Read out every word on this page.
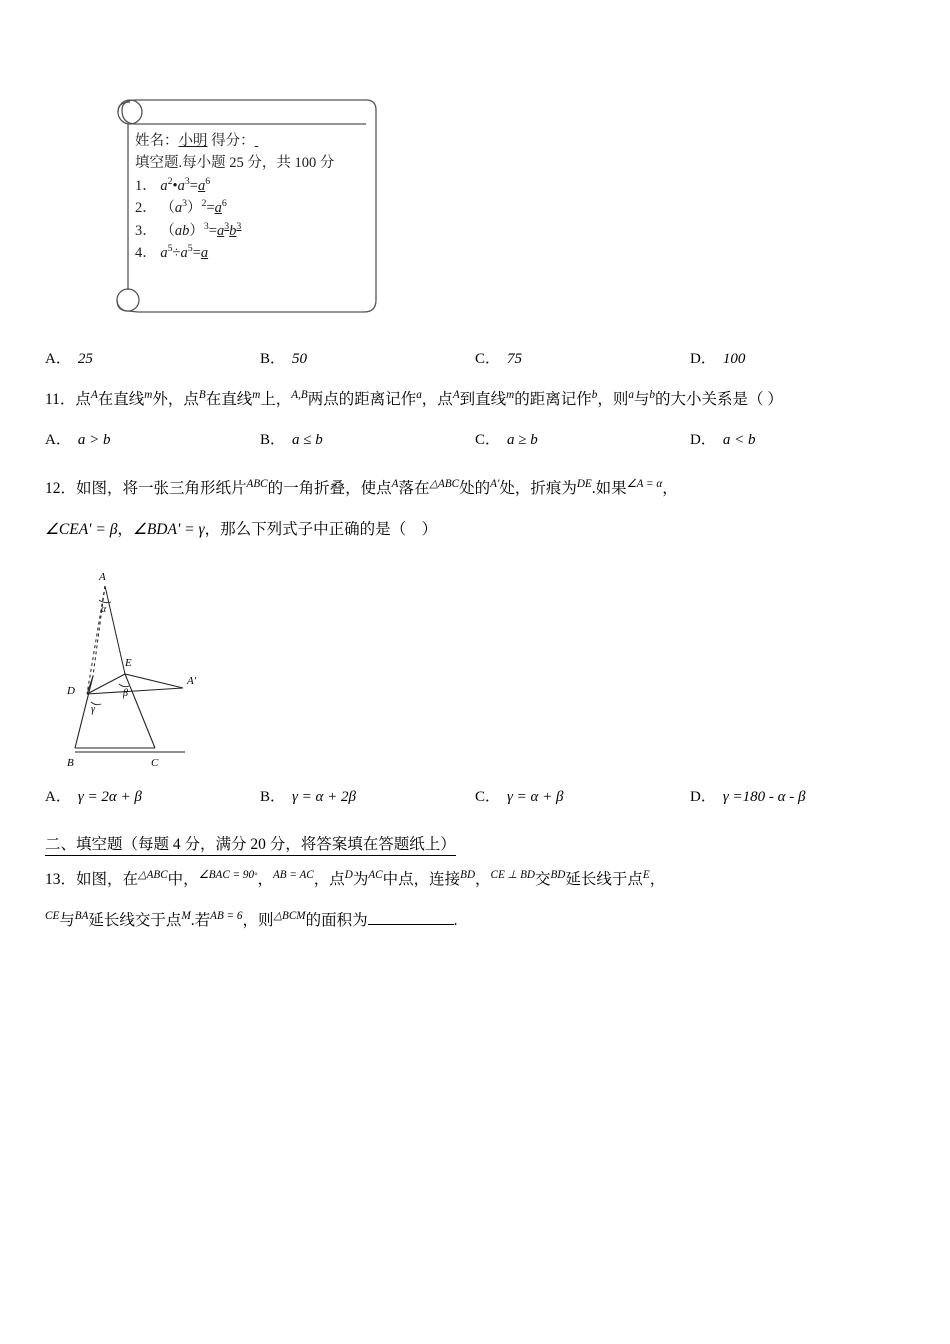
姓名：小明 得分：
填空题.每小题 25 分，共 100 分
1． $a^2•a^3=a^6$
2． $(a^3)^2=a^6$
3． $(ab)^3=a^3b^3$
4． $a^5\div a^5=a$
A． 25	B． 50	C． 75	D． 100
11．点$^A$在直线$^m$外，点$^B$在直线$^m$上，$^{A,B}$两点的距离记作$^a$，点$^A$到直线$^m$的距离记作$^b$，则$^a$与$^b$的大小关系是（ ）
A． a > b	B． a ≤ b	C． a ≥ b	D． a < b
12．如图，将一张三角形纸片$^{ABC}$的一角折叠，使点$^A$落在$^{\triangle ABC}$处的$^{A'}$处，折痕为$^{DE}$.如果$^{\angle A = \alpha}$，
∠CEA' = β，∠BDA' = γ，那么下列式子中正确的是（　）
A
α
E
β
D
γ
A'
B	C
A． γ = 2α + β	B． γ = α + 2β	C． γ = α + β	D． γ =180 - α - β
二、填空题（每题 4 分，满分 20 分，将答案填在答题纸上）
13．如图，在$^{\triangle ABC}$中，$^{\angle BAC = 90^\circ}$，$^{AB = AC}$，点$^D$为$^{AC}$中点，连接$^{BD}$，$^{CE \perp BD}$交$^{BD}$延长线于点$^E$，
$^{CE}$与$^{BA}$延长线交于点$^M$.若$^{AB = 6}$，则$^{\triangle BCM}$的面积为	.
